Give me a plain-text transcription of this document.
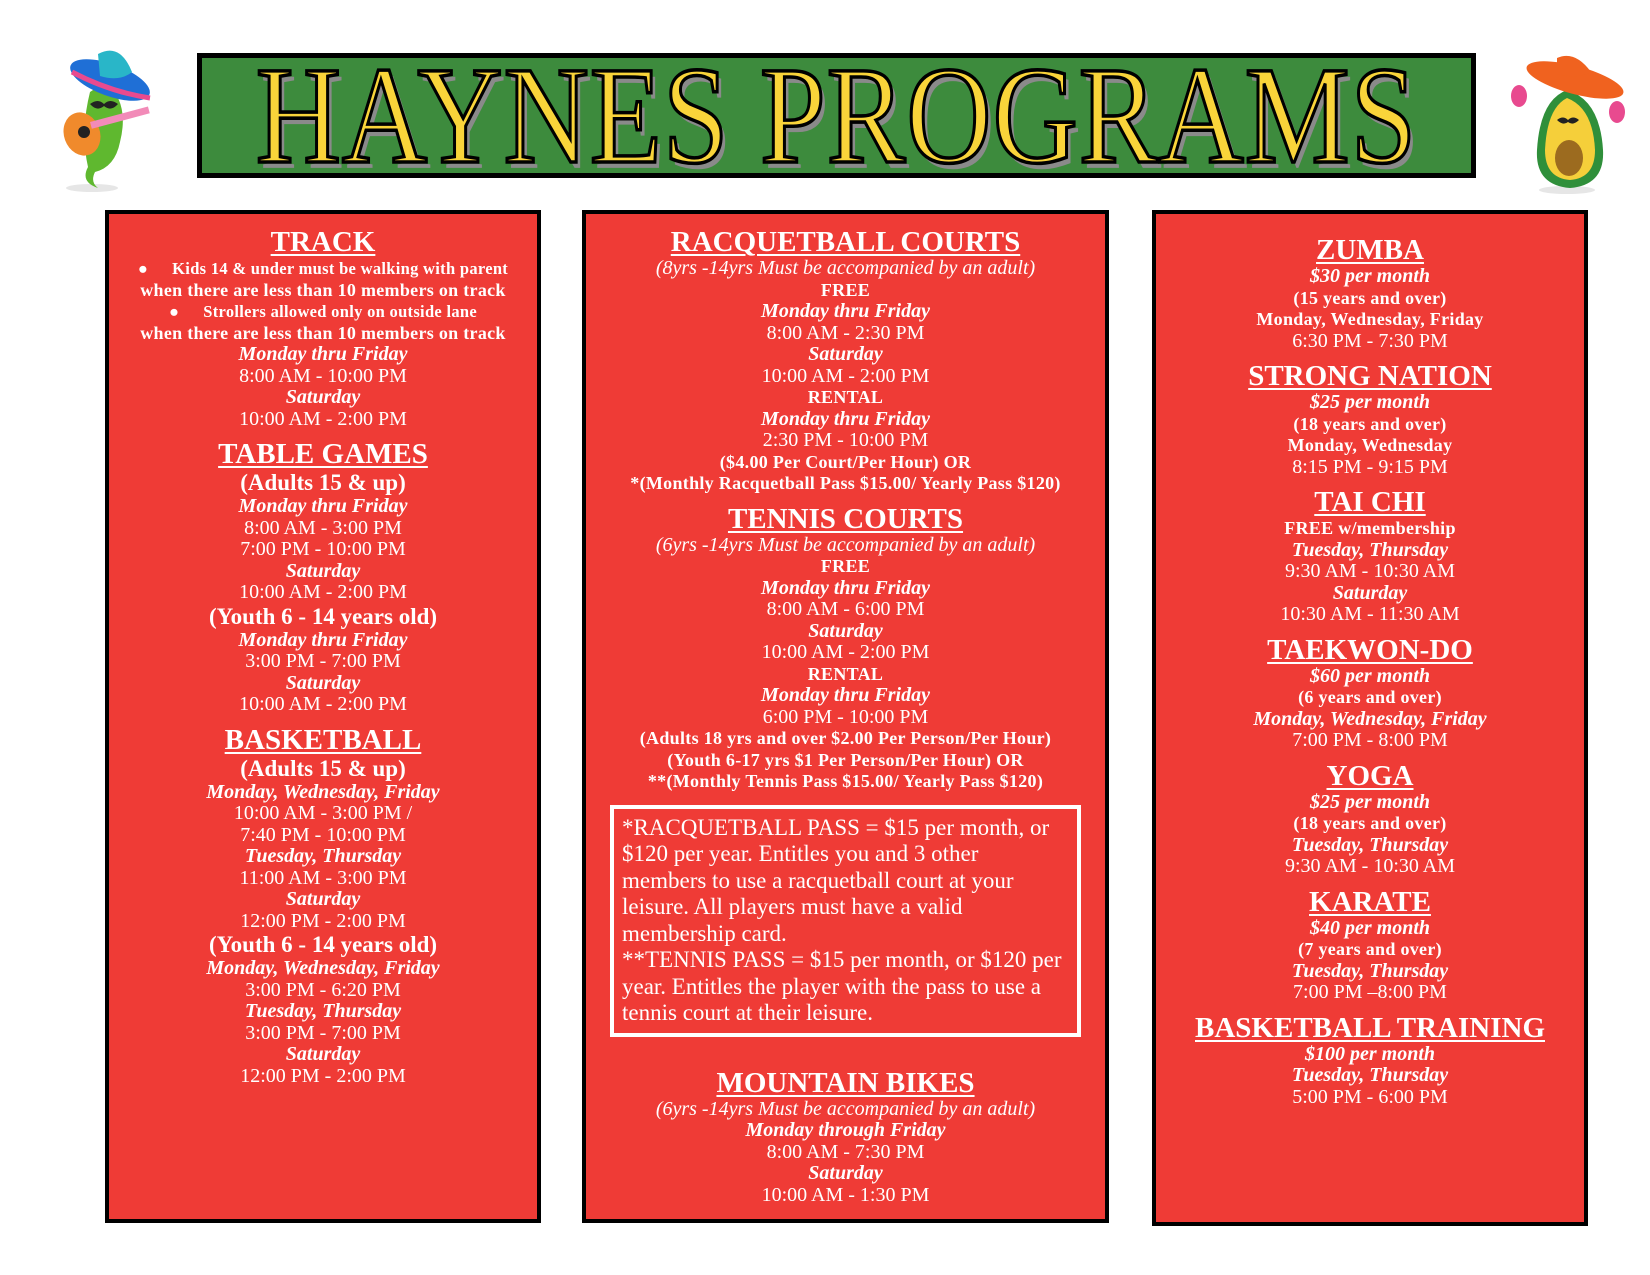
HAYNES PROGRAMS
TRACK
● Kids 14 & under must be walking with parent
when there are less than 10 members on track
● Strollers allowed only on outside lane
when there are less than 10 members on track
Monday thru Friday
8:00 AM - 10:00 PM
Saturday
10:00 AM - 2:00 PM
TABLE GAMES
(Adults 15 & up)
Monday thru Friday
8:00 AM - 3:00 PM
7:00 PM - 10:00 PM
Saturday
10:00 AM - 2:00 PM
(Youth 6 - 14 years old)
Monday thru Friday
3:00 PM - 7:00 PM
Saturday
10:00 AM - 2:00 PM
BASKETBALL
(Adults 15 & up)
Monday, Wednesday, Friday
10:00 AM - 3:00 PM /
7:40 PM - 10:00 PM
Tuesday, Thursday
11:00 AM - 3:00 PM
Saturday
12:00 PM - 2:00 PM
(Youth 6 - 14 years old)
Monday, Wednesday, Friday
3:00 PM - 6:20 PM
Tuesday, Thursday
3:00 PM - 7:00 PM
Saturday
12:00 PM - 2:00 PM
RACQUETBALL COURTS
(8yrs -14yrs Must be accompanied by an adult)
FREE
Monday thru Friday
8:00 AM - 2:30 PM
Saturday
10:00 AM - 2:00 PM
RENTAL
Monday thru Friday
2:30 PM - 10:00 PM
($4.00 Per Court/Per Hour) OR
*(Monthly Racquetball Pass $15.00/ Yearly Pass $120)
TENNIS COURTS
(6yrs -14yrs Must be accompanied by an adult)
FREE
Monday thru Friday
8:00 AM - 6:00 PM
Saturday
10:00 AM - 2:00 PM
RENTAL
Monday thru Friday
6:00 PM - 10:00 PM
(Adults 18 yrs and over $2.00 Per Person/Per Hour)
(Youth 6-17 yrs $1 Per Person/Per Hour) OR
**(Monthly Tennis Pass $15.00/ Yearly Pass $120)

*RACQUETBALL PASS = $15 per month, or $120 per year. Entitles you and 3 other members to use a racquetball court at your leisure. All players must have a valid membership card.

**TENNIS PASS = $15 per month, or $120 per year. Entitles the player with the pass to use a tennis court at their leisure.

MOUNTAIN BIKES
(6yrs -14yrs Must be accompanied by an adult)
Monday through Friday
8:00 AM - 7:30 PM
Saturday
10:00 AM - 1:30 PM
ZUMBA
$30 per month
(15 years and over)
Monday, Wednesday, Friday
6:30 PM - 7:30 PM
STRONG NATION
$25 per month
(18 years and over)
Monday, Wednesday
8:15 PM - 9:15 PM
TAI CHI
FREE w/membership
Tuesday, Thursday
9:30 AM - 10:30 AM
Saturday
10:30 AM - 11:30 AM
TAEKWON-DO
$60 per month
(6 years and over)
Monday, Wednesday, Friday
7:00 PM - 8:00 PM
YOGA
$25 per month
(18 years and over)
Tuesday, Thursday
9:30 AM - 10:30 AM
KARATE
$40 per month
(7 years and over)
Tuesday, Thursday
7:00 PM –8:00 PM
BASKETBALL TRAINING
$100 per month
Tuesday, Thursday
5:00 PM - 6:00 PM
